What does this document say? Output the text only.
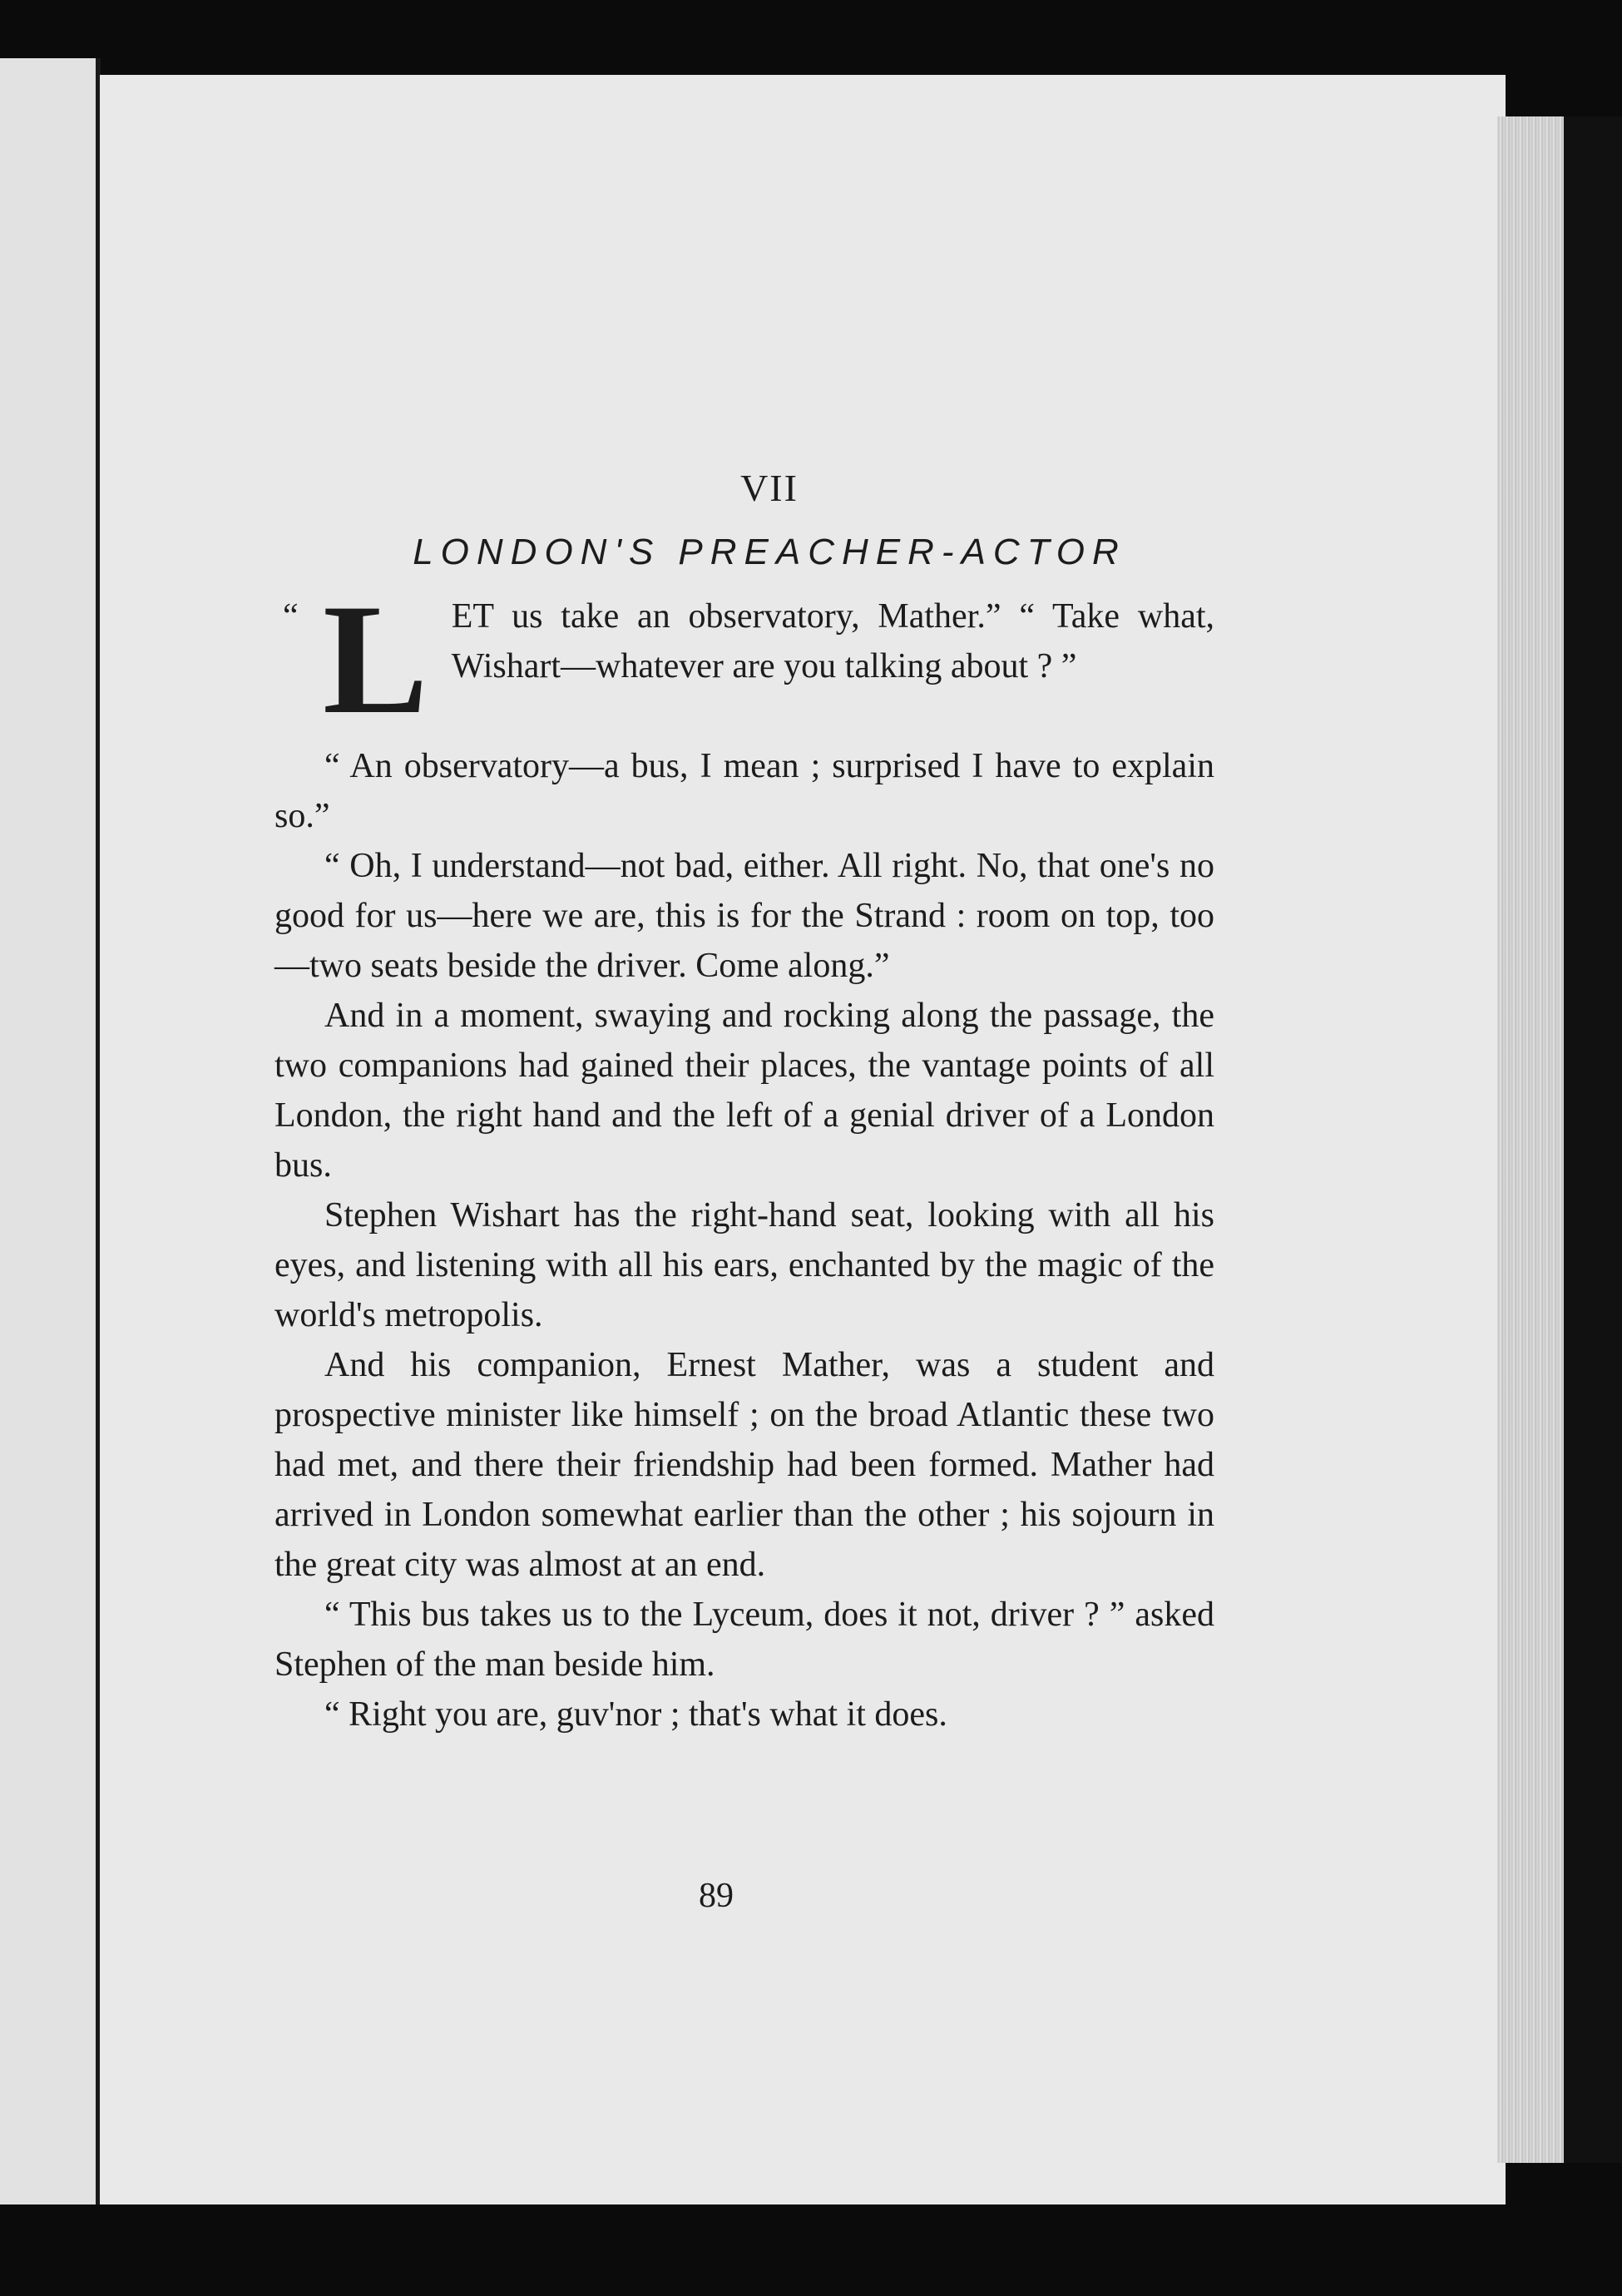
VII
LONDON'S PREACHER-ACTOR

“ L ET us take an observatory, Mather.” “ Take what, Wishart—whatever are you talking about ? ”

“ An observatory—a bus, I mean ; surprised I have to explain so.”

“ Oh, I understand—not bad, either. All right. No, that one's no good for us—here we are, this is for the Strand : room on top, too—two seats beside the driver. Come along.”

And in a moment, swaying and rocking along the passage, the two companions had gained their places, the vantage points of all London, the right hand and the left of a genial driver of a London bus.

Stephen Wishart has the right-hand seat, looking with all his eyes, and listening with all his ears, enchanted by the magic of the world's metropolis.

And his companion, Ernest Mather, was a student and prospective minister like himself ; on the broad Atlantic these two had met, and there their friendship had been formed. Mather had arrived in London somewhat earlier than the other ; his sojourn in the great city was almost at an end.

“ This bus takes us to the Lyceum, does it not, driver ? ” asked Stephen of the man beside him.

“ Right you are, guv'nor ; that's what it does.

89
